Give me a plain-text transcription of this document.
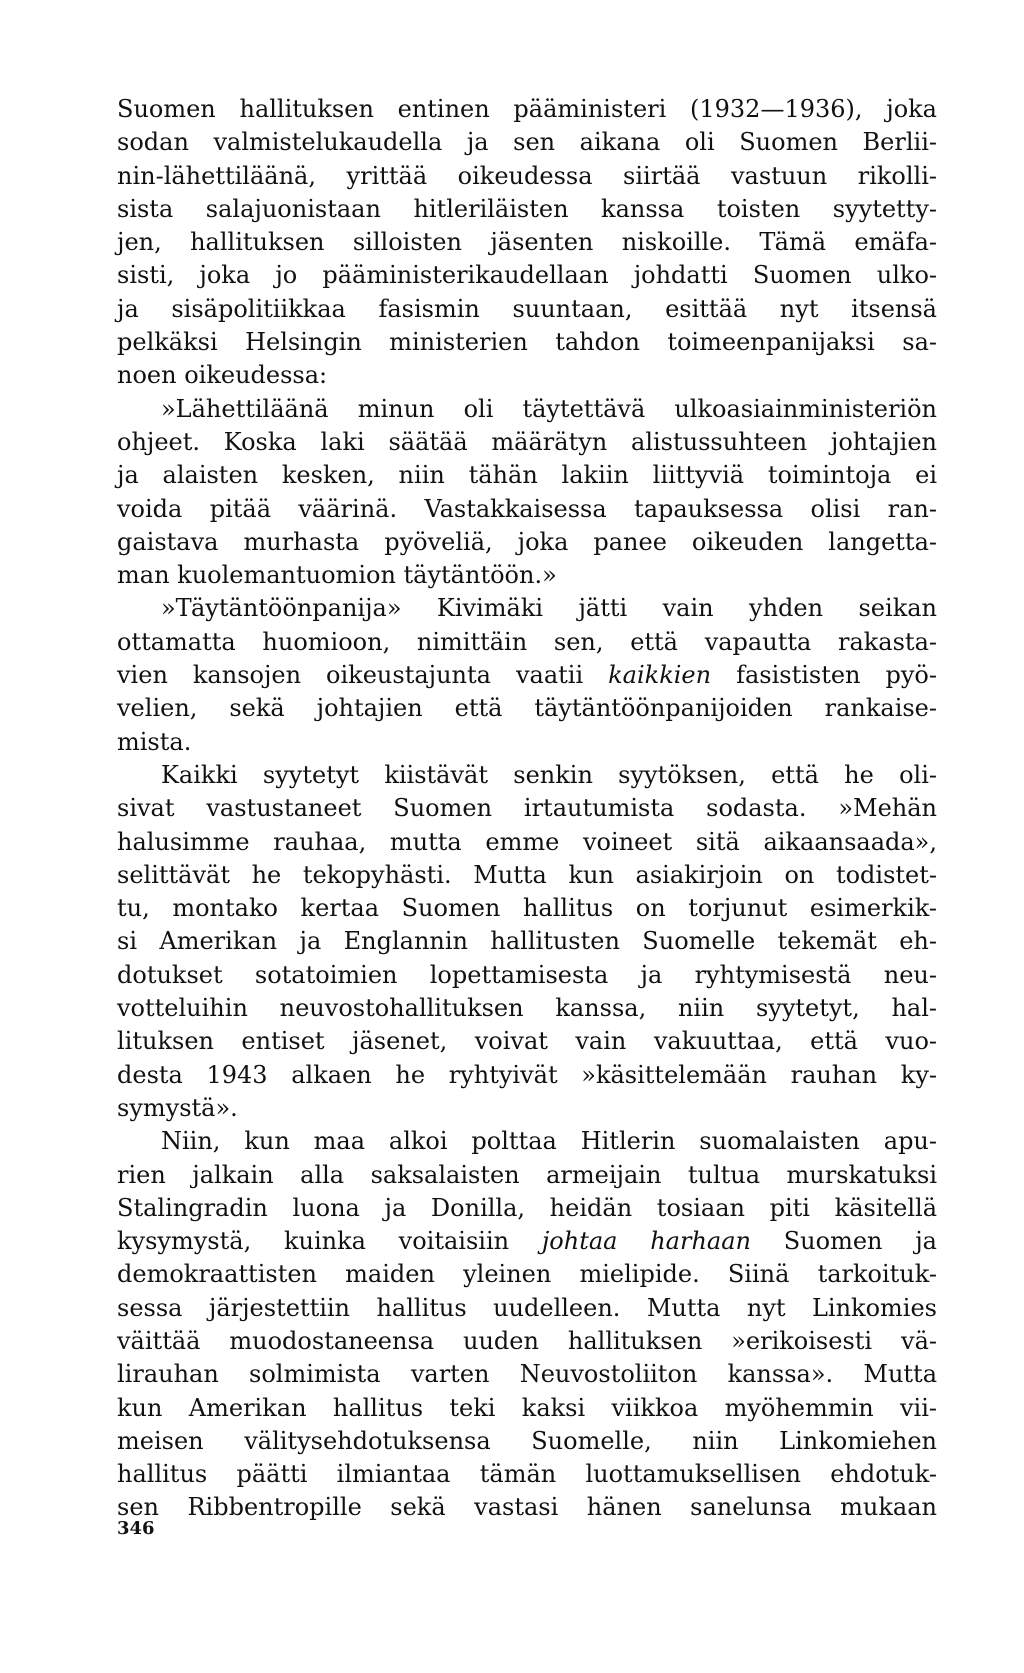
Suomen hallituksen entinen pääministeri (1932—1936), joka
sodan valmistelukaudella ja sen aikana oli Suomen Berlii-
nin-lähettiläänä, yrittää oikeudessa siirtää vastuun rikolli-
sista salajuonistaan hitleriläisten kanssa toisten syytetty-
jen, hallituksen silloisten jäsenten niskoille. Tämä emäfa-
sisti, joka jo pääministerikaudellaan johdatti Suomen ulko-
ja sisäpolitiikkaa fasismin suuntaan, esittää nyt itsensä
pelkäksi Helsingin ministerien tahdon toimeenpanijaksi sa-
noen oikeudessa:
»Lähettiläänä minun oli täytettävä ulkoasiainministeriön
ohjeet. Koska laki säätää määrätyn alistussuhteen johtajien
ja alaisten kesken, niin tähän lakiin liittyviä toimintoja ei
voida pitää väärinä. Vastakkaisessa tapauksessa olisi ran-
gaistava murhasta pyöveliä, joka panee oikeuden langetta-
man kuolemantuomion täytäntöön.»
»Täytäntöönpanija» Kivimäki jätti vain yhden seikan
ottamatta huomioon, nimittäin sen, että vapautta rakasta-
vien kansojen oikeustajunta vaatii kaikkien fasististen pyö-
velien, sekä johtajien että täytäntöönpanijoiden rankaise-
mista.
Kaikki syytetyt kiistävät senkin syytöksen, että he oli-
sivat vastustaneet Suomen irtautumista sodasta. »Mehän
halusimme rauhaa, mutta emme voineet sitä aikaansaada»,
selittävät he tekopyhästi. Mutta kun asiakirjoin on todistet-
tu, montako kertaa Suomen hallitus on torjunut esimerkik-
si Amerikan ja Englannin hallitusten Suomelle tekemät eh-
dotukset sotatoimien lopettamisesta ja ryhtymisestä neu-
votteluihin neuvostohallituksen kanssa, niin syytetyt, hal-
lituksen entiset jäsenet, voivat vain vakuuttaa, että vuo-
desta 1943 alkaen he ryhtyivät »käsittelemään rauhan ky-
symystä».
Niin, kun maa alkoi polttaa Hitlerin suomalaisten apu-
rien jalkain alla saksalaisten armeijain tultua murskatuksi
Stalingradin luona ja Donilla, heidän tosiaan piti käsitellä
kysymystä, kuinka voitaisiin johtaa harhaan Suomen ja
demokraattisten maiden yleinen mielipide. Siinä tarkoituk-
sessa järjestettiin hallitus uudelleen. Mutta nyt Linkomies
väittää muodostaneensa uuden hallituksen »erikoisesti vä-
lirauhan solmimista varten Neuvostoliiton kanssa». Mutta
kun Amerikan hallitus teki kaksi viikkoa myöhemmin vii-
meisen välitysehdotuksensa Suomelle, niin Linkomiehen
hallitus päätti ilmiantaa tämän luottamuksellisen ehdotuk-
sen Ribbentropille sekä vastasi hänen sanelunsa mukaan
346
